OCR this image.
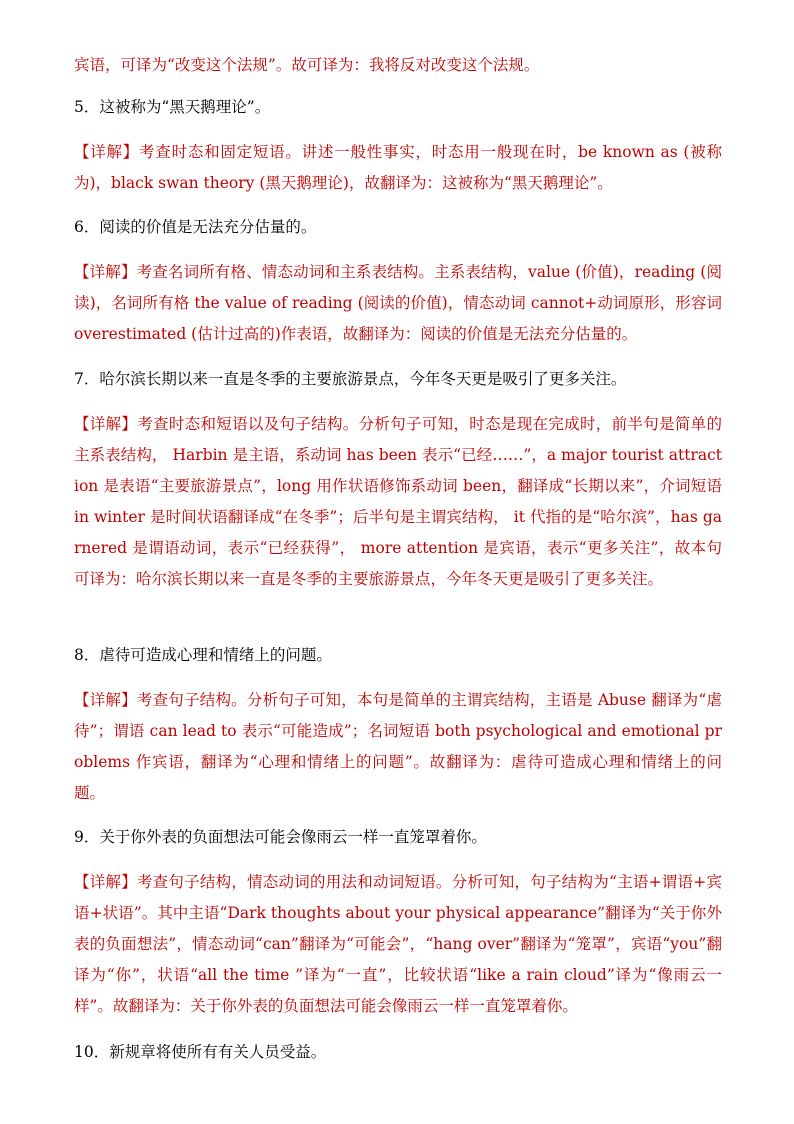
宾语，可译为“改变这个法规”。故可译为：我将反对改变这个法规。
5．这被称为“黑天鹅理论”。
【详解】考查时态和固定短语。讲述一般性事实，时态用一般现在时，be known as (被称为)，black swan theory (黑天鹅理论)，故翻译为：这被称为“黑天鹅理论”。
6．阅读的价值是无法充分估量的。
【详解】考查名词所有格、情态动词和主系表结构。主系表结构，value (价值)，reading (阅读)，名词所有格 the value of reading (阅读的价值)，情态动词 cannot+动词原形，形容词 overestimated (估计过高的)作表语，故翻译为：阅读的价值是无法充分估量的。
7．哈尔滨长期以来一直是冬季的主要旅游景点，今年冬天更是吸引了更多关注。
【详解】考查时态和短语以及句子结构。分析句子可知，时态是现在完成时，前半句是简单的主系表结构， Harbin 是主语，系动词 has been 表示“已经……”，a major tourist attraction 是表语“主要旅游景点”，long 用作状语修饰系动词 been，翻译成“长期以来”，介词短语 in winter 是时间状语翻译成“在冬季”；后半句是主谓宾结构， it 代指的是“哈尔滨”，has garnered 是谓语动词，表示“已经获得”， more attention 是宾语，表示“更多关注”，故本句可译为：哈尔滨长期以来一直是冬季的主要旅游景点，今年冬天更是吸引了更多关注。
8．虐待可造成心理和情绪上的问题。
【详解】考查句子结构。分析句子可知，本句是简单的主谓宾结构，主语是 Abuse 翻译为“虐待”；谓语 can lead to 表示“可能造成”；名词短语 both psychological and emotional problems 作宾语，翻译为“心理和情绪上的问题”。故翻译为：虐待可造成心理和情绪上的问题。
9．关于你外表的负面想法可能会像雨云一样一直笼罩着你。
【详解】考查句子结构，情态动词的用法和动词短语。分析可知，句子结构为“主语+谓语+宾语+状语”。其中主语“Dark thoughts about your physical appearance”翻译为“关于你外表的负面想法”，情态动词“can”翻译为“可能会”，“hang over”翻译为“笼罩”，宾语“you”翻译为“你”，状语“all the time ”译为“一直”，比较状语“like a rain cloud”译为“像雨云一样”。故翻译为：关于你外表的负面想法可能会像雨云一样一直笼罩着你。
10．新规章将使所有有关人员受益。
